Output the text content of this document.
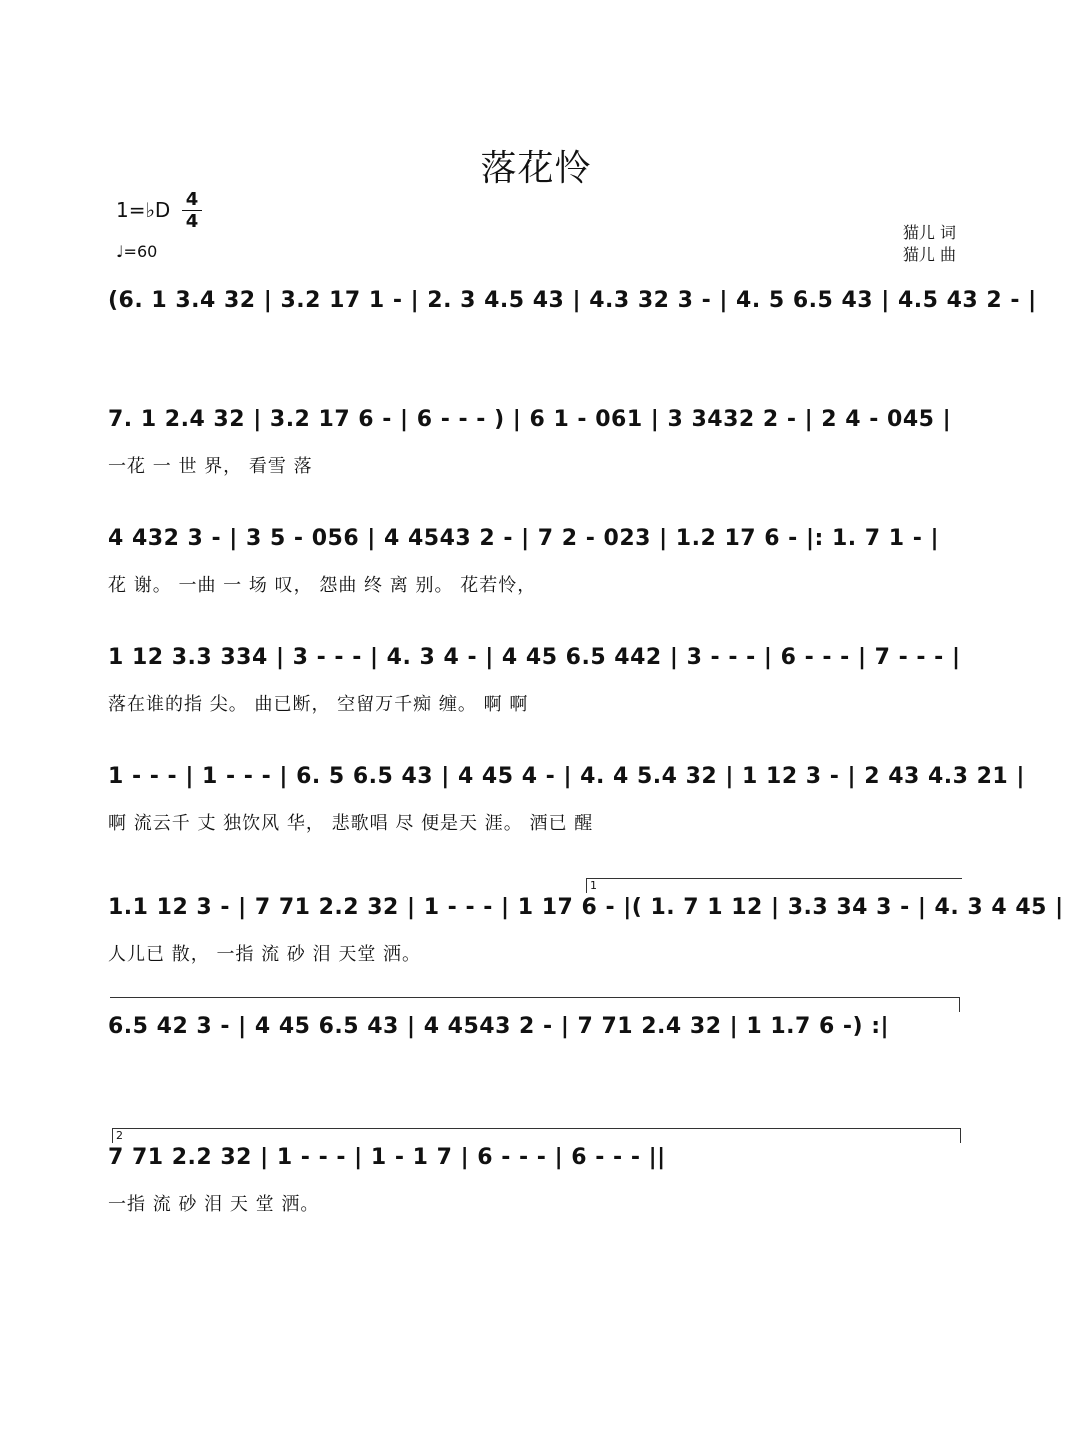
落花怜
1=♭D 4
4
♩=60
猫儿 词
猫儿 曲
(6. 1 3.4 32 | 3.2 17 1 - | 2. 3 4.5 43 | 4.3 32 3 - | 4. 5 6.5 43 | 4.5 43 2 - |
7. 1 2.4 32 | 3.2 17 6 - | 6 - - - ) | 6 1 - 061 | 3 3432 2 - | 2 4 - 045 |
一花 一 世 界， 看雪 落
4 432 3 - | 3 5 - 056 | 4 4543 2 - | 7 2 - 023 | 1.2 17 6 - |: 1. 7 1 - |
花 谢。 一曲 一 场 叹， 怨曲 终 离 别。 花若怜，
1 12 3.3 334 | 3 - - - | 4. 3 4 - | 4 45 6.5 442 | 3 - - - | 6 - - - | 7 - - - |
落在谁的指 尖。 曲已断， 空留万千痴 缠。 啊 啊
1 - - - | 1 - - - | 6. 5 6.5 43 | 4 45 4 - | 4. 4 5.4 32 | 1 12 3 - | 2 43 4.3 21 |
啊 流云千 丈 独饮风 华， 悲歌唱 尽 便是天 涯。 酒已 醒
1
1.1 12 3 - | 7 71 2.2 32 | 1 - - - | 1 17 6 - |( 1. 7 1 12 | 3.3 34 3 - | 4. 3 4 45 |
人儿已 散， 一指 流 砂 泪 天堂 洒。
6.5 42 3 - | 4 45 6.5 43 | 4 4543 2 - | 7 71 2.4 32 | 1 1.7 6 -) :|
2
7 71 2.2 32 | 1 - - - | 1 - 1 7 | 6 - - - | 6 - - - ||
一指 流 砂 泪 天 堂 洒。
